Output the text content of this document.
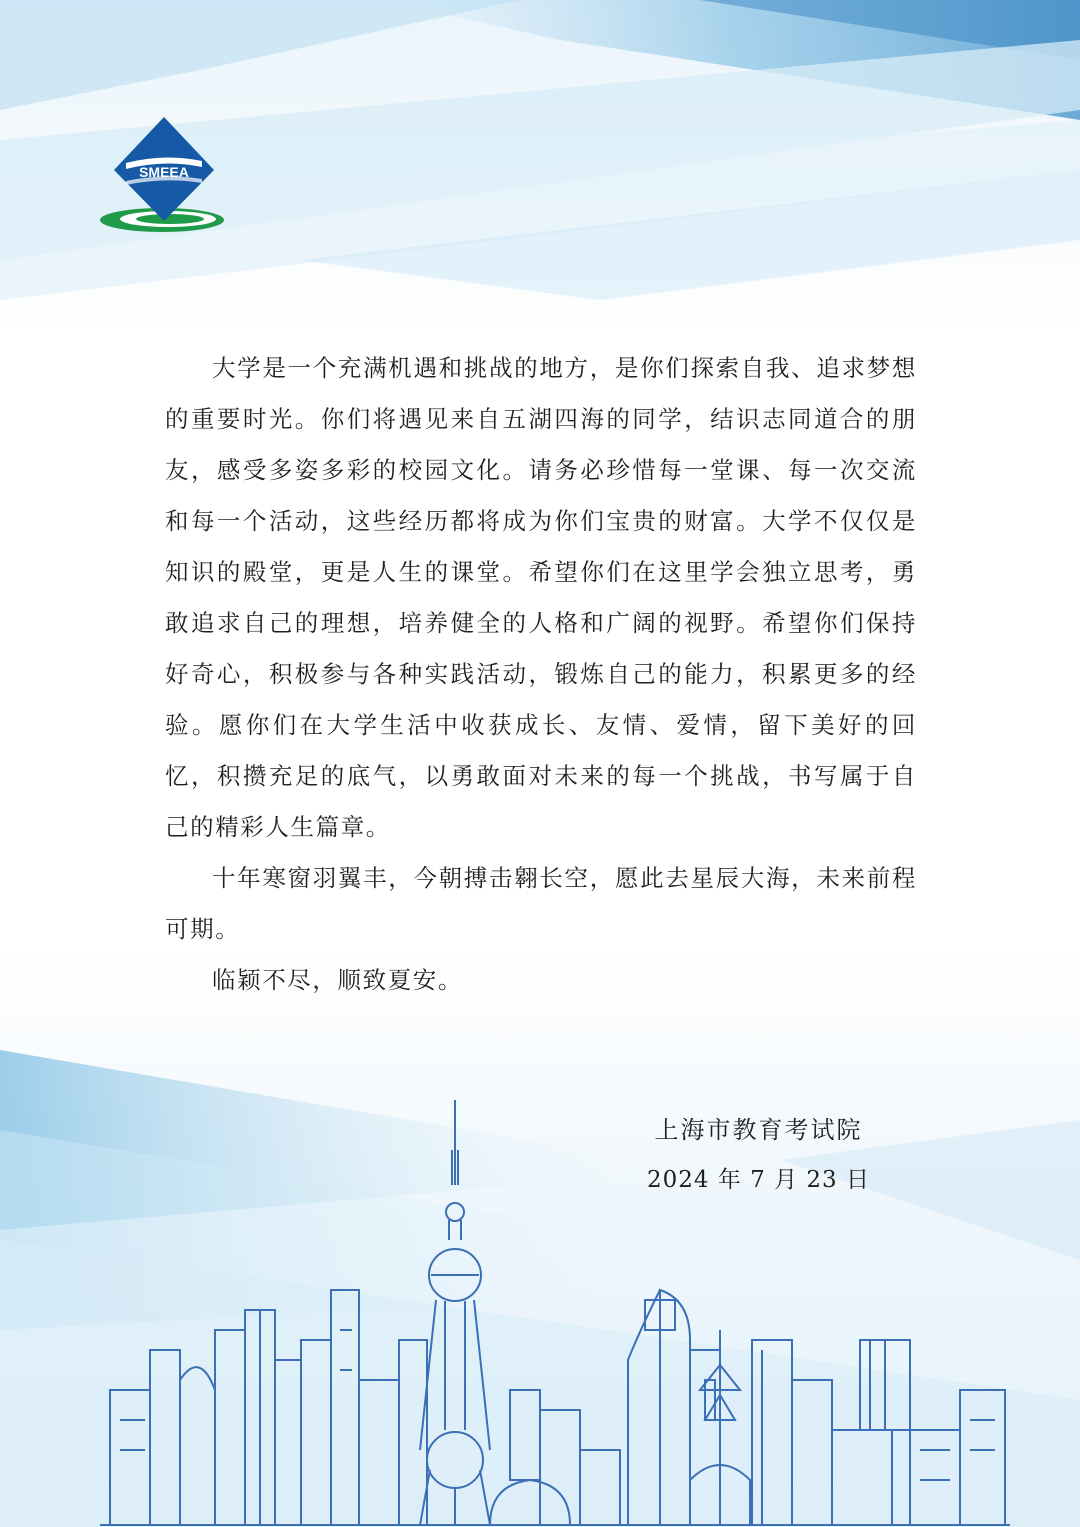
SMEEA

大学是一个充满机遇和挑战的地方，是你们探索自我、追求梦想的重要时光。你们将遇见来自五湖四海的同学，结识志同道合的朋友，感受多姿多彩的校园文化。请务必珍惜每一堂课、每一次交流和每一个活动，这些经历都将成为你们宝贵的财富。大学不仅仅是知识的殿堂，更是人生的课堂。希望你们在这里学会独立思考，勇敢追求自己的理想，培养健全的人格和广阔的视野。希望你们保持好奇心，积极参与各种实践活动，锻炼自己的能力，积累更多的经验。愿你们在大学生活中收获成长、友情、爱情，留下美好的回忆，积攒充足的底气，以勇敢面对未来的每一个挑战，书写属于自己的精彩人生篇章。

十年寒窗羽翼丰，今朝搏击翱长空，愿此去星辰大海，未来前程可期。

临颖不尽，顺致夏安。

上海市教育考试院
2024 年 7 月 23 日
